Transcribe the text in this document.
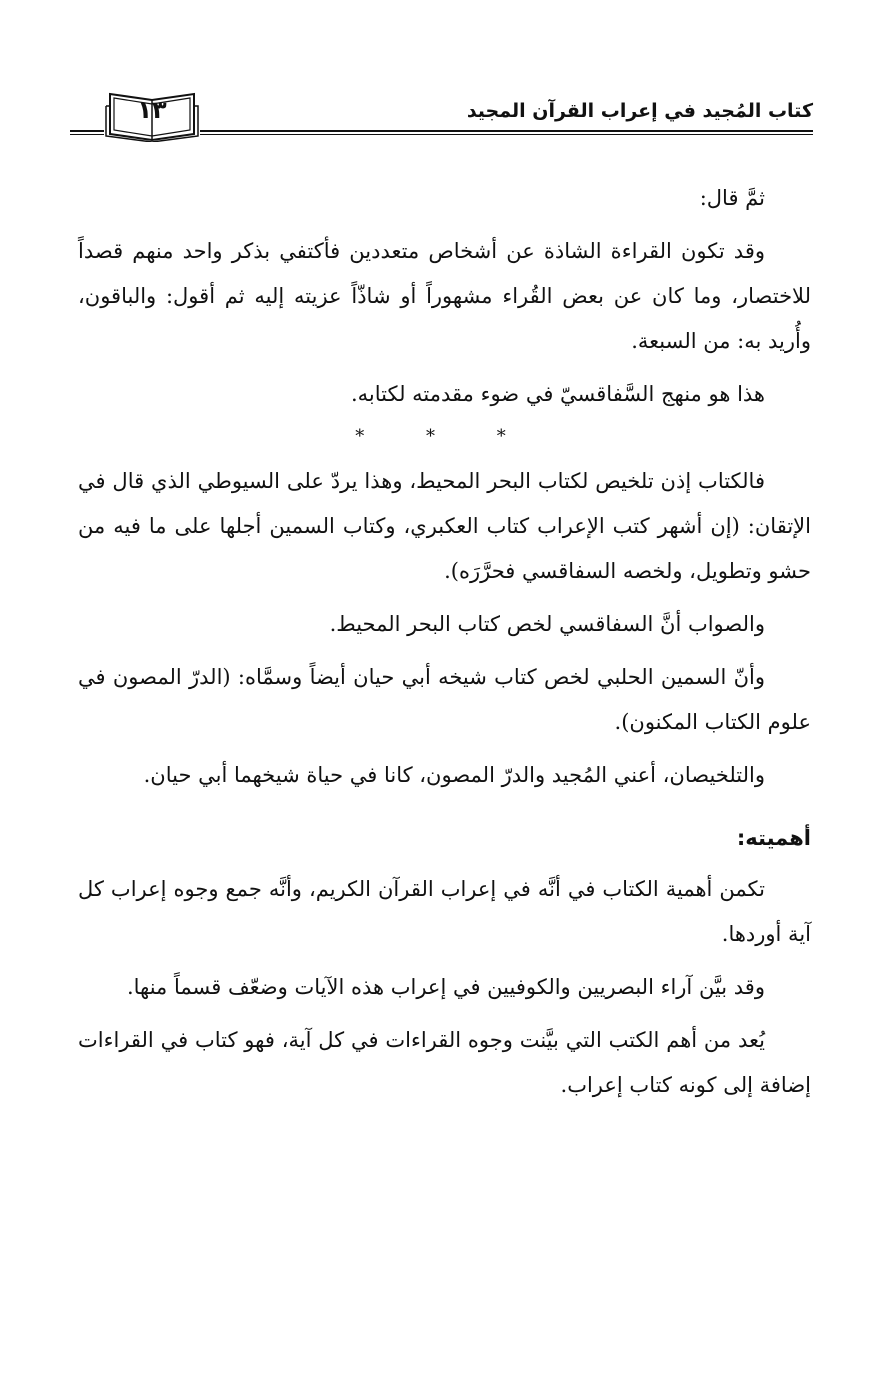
كتاب المُجيد في إعراب القرآن المجيد
١٣

ثمَّ قال:

وقد تكون القراءة الشاذة عن أشخاص متعددين فأكتفي بذكر واحد منهم قصداً للاختصار، وما كان عن بعض القُراء مشهوراً أو شاذّاً عزيته إليه ثم أقول: والباقون، وأُريد به: من السبعة.

هذا هو منهج السَّفاقسيّ في ضوء مقدمته لكتابه.

* * *

فالكتاب إذن تلخيص لكتاب البحر المحيط، وهذا يردّ على السيوطي الذي قال في الإتقان: (إن أشهر كتب الإعراب كتاب العكبري، وكتاب السمين أجلها على ما فيه من حشو وتطويل، ولخصه السفاقسي فحرَّرَه).

والصواب أنَّ السفاقسي لخص كتاب البحر المحيط.

وأنّ السمين الحلبي لخص كتاب شيخه أبي حيان أيضاً وسمَّاه: (الدرّ المصون في علوم الكتاب المكنون).

والتلخيصان، أعني المُجيد والدرّ المصون، كانا في حياة شيخهما أبي حيان.

أهميته:

تكمن أهمية الكتاب في أنَّه في إعراب القرآن الكريم، وأنَّه جمع وجوه إعراب كل آية أوردها.

وقد بيَّن آراء البصريين والكوفيين في إعراب هذه الآيات وضعّف قسماً منها.

يُعد من أهم الكتب التي بيَّنت وجوه القراءات في كل آية، فهو كتاب في القراءات إضافة إلى كونه كتاب إعراب.
